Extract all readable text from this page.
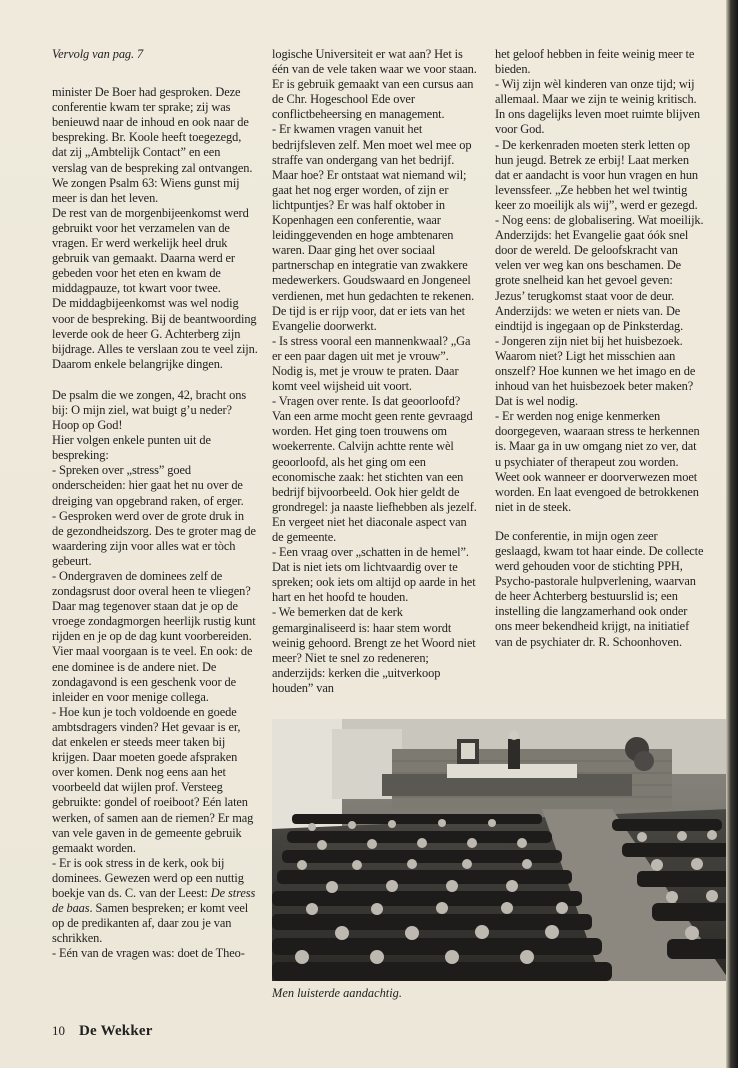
Vervolg van pag. 7

minister De Boer had gesproken. Deze conferentie kwam ter sprake; zij was benieuwd naar de inhoud en ook naar de bespreking. Br. Koole heeft toegezegd, dat zij „Ambtelijk Contact” en een verslag van de bespreking zal ontvangen.

We zongen Psalm 63: Wiens gunst mij meer is dan het leven.

De rest van de morgenbijeenkomst werd gebruikt voor het verzamelen van de vragen. Er werd werkelijk heel druk gebruik van gemaakt. Daarna werd er gebeden voor het eten en kwam de middagpauze, tot kwart voor twee.

De middagbijeenkomst was wel nodig voor de bespreking. Bij de beantwoording leverde ook de heer G. Achterberg zijn bijdrage. Alles te verslaan zou te veel zijn. Daarom enkele belangrijke dingen.

De psalm die we zongen, 42, bracht ons bij: O mijn ziel, wat buigt g’u neder? Hoop op God!

Hier volgen enkele punten uit de bespreking:

- Spreken over „stress” goed onderscheiden: hier gaat het nu over de dreiging van opgebrand raken, of erger.

- Gesproken werd over de grote druk in de gezondheidszorg. Des te groter mag de waardering zijn voor alles wat er tòch gebeurt.

- Ondergraven de dominees zelf de zondagsrust door overal heen te vliegen? Daar mag tegenover staan dat je op de vroege zondagmorgen heerlijk rustig kunt rijden en je op de dag kunt voorbereiden. Vier maal voorgaan is te veel. En ook: de ene dominee is de andere niet. De zondagavond is een geschenk voor de inleider en voor menige collega.

- Hoe kun je toch voldoende en goede ambtsdragers vinden? Het gevaar is er, dat enkelen er steeds meer taken bij krijgen. Daar moeten goede afspraken over komen. Denk nog eens aan het voorbeeld dat wijlen prof. Versteeg gebruikte: gondel of roeiboot? Eén laten werken, of samen aan de riemen? Er mag van vele gaven in de gemeente gebruik gemaakt worden.

- Er is ook stress in de kerk, ook bij dominees. Gewezen werd op een nuttig boekje van ds. C. van der Leest: De stress de baas. Samen bespreken; er komt veel op de predikanten af, daar zou je van schrikken.

- Eén van de vragen was: doet de Theo-

logische Universiteit er wat aan? Het is één van de vele taken waar we voor staan. Er is gebruik gemaakt van een cursus aan de Chr. Hogeschool Ede over conflictbeheersing en management.

- Er kwamen vragen vanuit het bedrijfsleven zelf. Men moet wel mee op straffe van ondergang van het bedrijf. Maar hoe? Er ontstaat wat niemand wil; gaat het nog erger worden, of zijn er lichtpuntjes? Er was half oktober in Kopenhagen een conferentie, waar leidinggevenden en hoge ambtenaren waren. Daar ging het over sociaal partnerschap en integratie van zwakkere medewerkers. Goudswaard en Jongeneel verdienen, met hun gedachten te rekenen. De tijd is er rijp voor, dat er iets van het Evangelie doorwerkt.

- Is stress vooral een mannenkwaal? „Ga er een paar dagen uit met je vrouw”. Nodig is, met je vrouw te praten. Daar komt veel wijsheid uit voort.

- Vragen over rente. Is dat geoorloofd? Van een arme mocht geen rente gevraagd worden. Het ging toen trouwens om woekerrente. Calvijn achtte rente wèl geoorloofd, als het ging om een economische zaak: het stichten van een bedrijf bijvoorbeeld. Ook hier geldt de grondregel: ja naaste liefhebben als jezelf. En vergeet niet het diaconale aspect van de gemeente.

- Een vraag over „schatten in de hemel”. Dat is niet iets om lichtvaardig over te spreken; ook iets om altijd op aarde in het hart en het hoofd te houden.

- We bemerken dat de kerk gemarginaliseerd is: haar stem wordt weinig gehoord. Brengt ze het Woord niet meer? Niet te snel zo redeneren; anderzijds: kerken die „uitverkoop houden” van

het geloof hebben in feite weinig meer te bieden.

- Wij zijn wèl kinderen van onze tijd; wij allemaal. Maar we zijn te weinig kritisch. In ons dagelijks leven moet ruimte blijven voor God.

- De kerkenraden moeten sterk letten op hun jeugd. Betrek ze erbij! Laat merken dat er aandacht is voor hun vragen en hun levenssfeer. „Ze hebben het wel twintig keer zo moeilijk als wij”, werd er gezegd.

- Nog eens: de globalisering. Wat moeilijk. Anderzijds: het Evangelie gaat óók snel door de wereld. De geloofskracht van velen ver weg kan ons beschamen. De grote snelheid kan het gevoel geven: Jezus’ terugkomst staat voor de deur. Anderzijds: we weten er niets van. De eindtijd is ingegaan op de Pinksterdag.

- Jongeren zijn niet bij het huisbezoek. Waarom niet? Ligt het misschien aan onszelf? Hoe kunnen we het imago en de inhoud van het huisbezoek beter maken? Dat is wel nodig.

- Er werden nog enige kenmerken doorgegeven, waaraan stress te herkennen is. Maar ga in uw omgang niet zo ver, dat u psychiater of therapeut zou worden. Weet ook wanneer er doorverwezen moet worden. En laat evengoed de betrokkenen niet in de steek.

De conferentie, in mijn ogen zeer geslaagd, kwam tot haar einde. De collecte werd gehouden voor de stichting PPH, Psycho-pastorale hulpverlening, waarvan de heer Achterberg bestuurslid is; een instelling die langzamerhand ook onder ons meer bekendheid krijgt, na initiatief van de psychiater dr. R. Schoonhoven.

Men luisterde aandachtig.
10 De Wekker
